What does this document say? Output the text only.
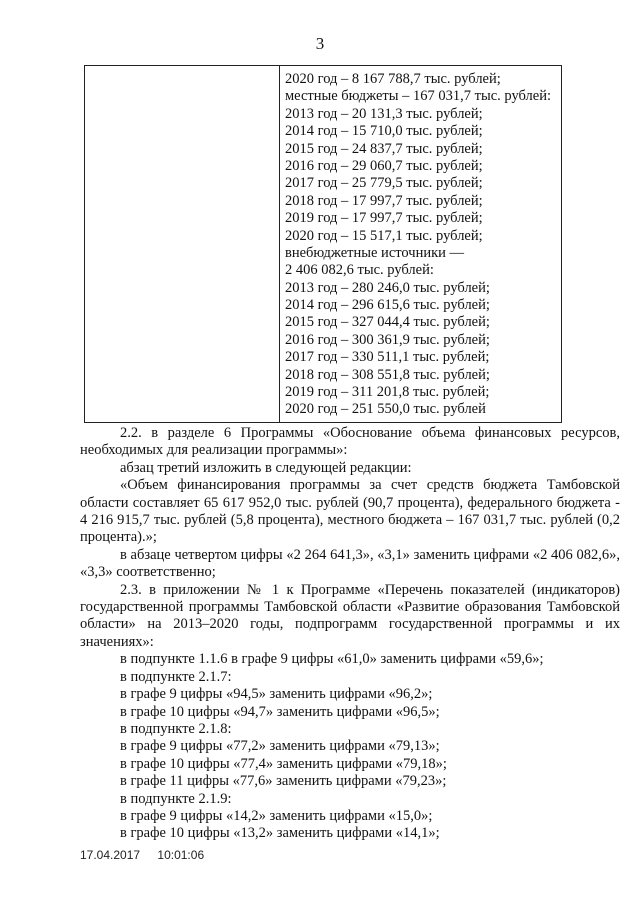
3
2020 год – 8 167 788,7 тыс. рублей;
местные бюджеты – 167 031,7 тыс. рублей:
2013 год – 20 131,3 тыс. рублей;
2014 год – 15 710,0 тыс. рублей;
2015 год – 24 837,7 тыс. рублей;
2016 год – 29 060,7 тыс. рублей;
2017 год – 25 779,5 тыс. рублей;
2018 год – 17 997,7 тыс. рублей;
2019 год – 17 997,7 тыс. рублей;
2020 год – 15 517,1 тыс. рублей;
внебюджетные источники —
2 406 082,6 тыс. рублей:
2013 год – 280 246,0 тыс. рублей;
2014 год – 296 615,6 тыс. рублей;
2015 год – 327 044,4 тыс. рублей;
2016 год – 300 361,9 тыс. рублей;
2017 год – 330 511,1 тыс. рублей;
2018 год – 308 551,8 тыс. рублей;
2019 год – 311 201,8 тыс. рублей;
2020 год – 251 550,0 тыс. рублей
2.2. в разделе 6 Программы «Обоснование объема финансовых ресурсов, необходимых для реализации программы»:
абзац третий изложить в следующей редакции:
«Объем финансирования программы за счет средств бюджета Тамбовской области составляет 65 617 952,0 тыс. рублей (90,7 процента), федерального бюджета - 4 216 915,7 тыс. рублей (5,8 процента), местного бюджета – 167 031,7 тыс. рублей (0,2 процента).»;
в абзаце четвертом цифры «2 264 641,3», «3,1» заменить цифрами «2 406 082,6», «3,3» соответственно;
2.3. в приложении № 1 к Программе «Перечень показателей (индикаторов) государственной программы Тамбовской области «Развитие образования Тамбовской области» на 2013–2020 годы, подпрограмм государственной программы и их значениях»:
в подпункте 1.1.6 в графе 9 цифры «61,0» заменить цифрами «59,6»;
в подпункте 2.1.7:
в графе 9 цифры «94,5» заменить цифрами «96,2»;
в графе 10 цифры «94,7» заменить цифрами «96,5»;
в подпункте 2.1.8:
в графе 9 цифры «77,2» заменить цифрами «79,13»;
в графе 10 цифры «77,4» заменить цифрами «79,18»;
в графе 11 цифры «77,6» заменить цифрами «79,23»;
в подпункте 2.1.9:
в графе 9 цифры «14,2» заменить цифрами «15,0»;
в графе 10 цифры «13,2» заменить цифрами «14,1»;
17.04.2017 10:01:06
